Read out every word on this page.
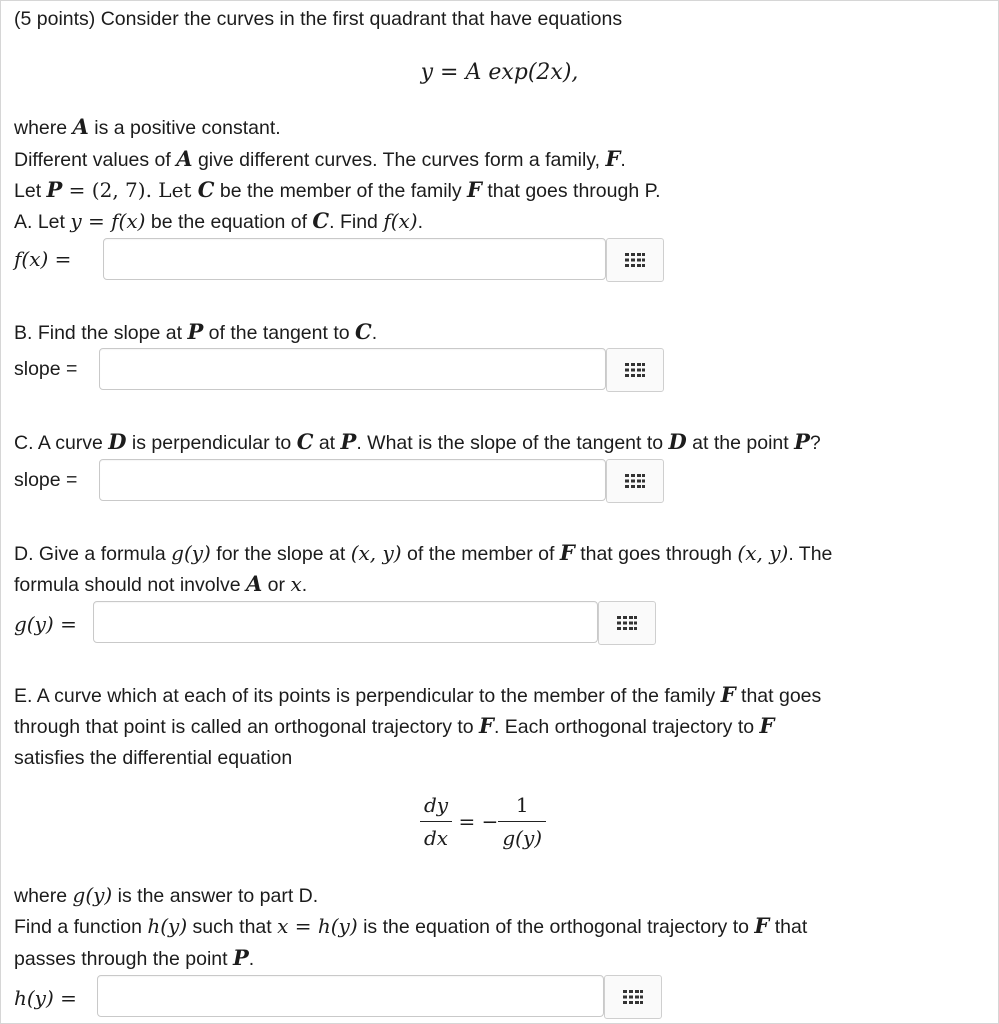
(5 points) Consider the curves in the first quadrant that have equations
y = A exp(2x),
where A is a positive constant.
Different values of A give different curves. The curves form a family, F.
Let P = (2, 7). Let C be the member of the family F that goes through P.
A. Let y = f(x) be the equation of C. Find f(x).
f(x) =
B. Find the slope at P of the tangent to C.
slope =
C. A curve D is perpendicular to C at P. What is the slope of the tangent to D at the point P?
slope =
D. Give a formula g(y) for the slope at (x, y) of the member of F that goes through (x, y). The
formula should not involve A or x.
g(y) =
E. A curve which at each of its points is perpendicular to the member of the family F that goes
through that point is called an orthogonal trajectory to F. Each orthogonal trajectory to F
satisfies the differential equation
$\frac{dy}{dx}$ = − $\frac{1}{g(y)}$
where g(y) is the answer to part D.
Find a function h(y) such that x = h(y) is the equation of the orthogonal trajectory to F that
passes through the point P.
h(y) =
